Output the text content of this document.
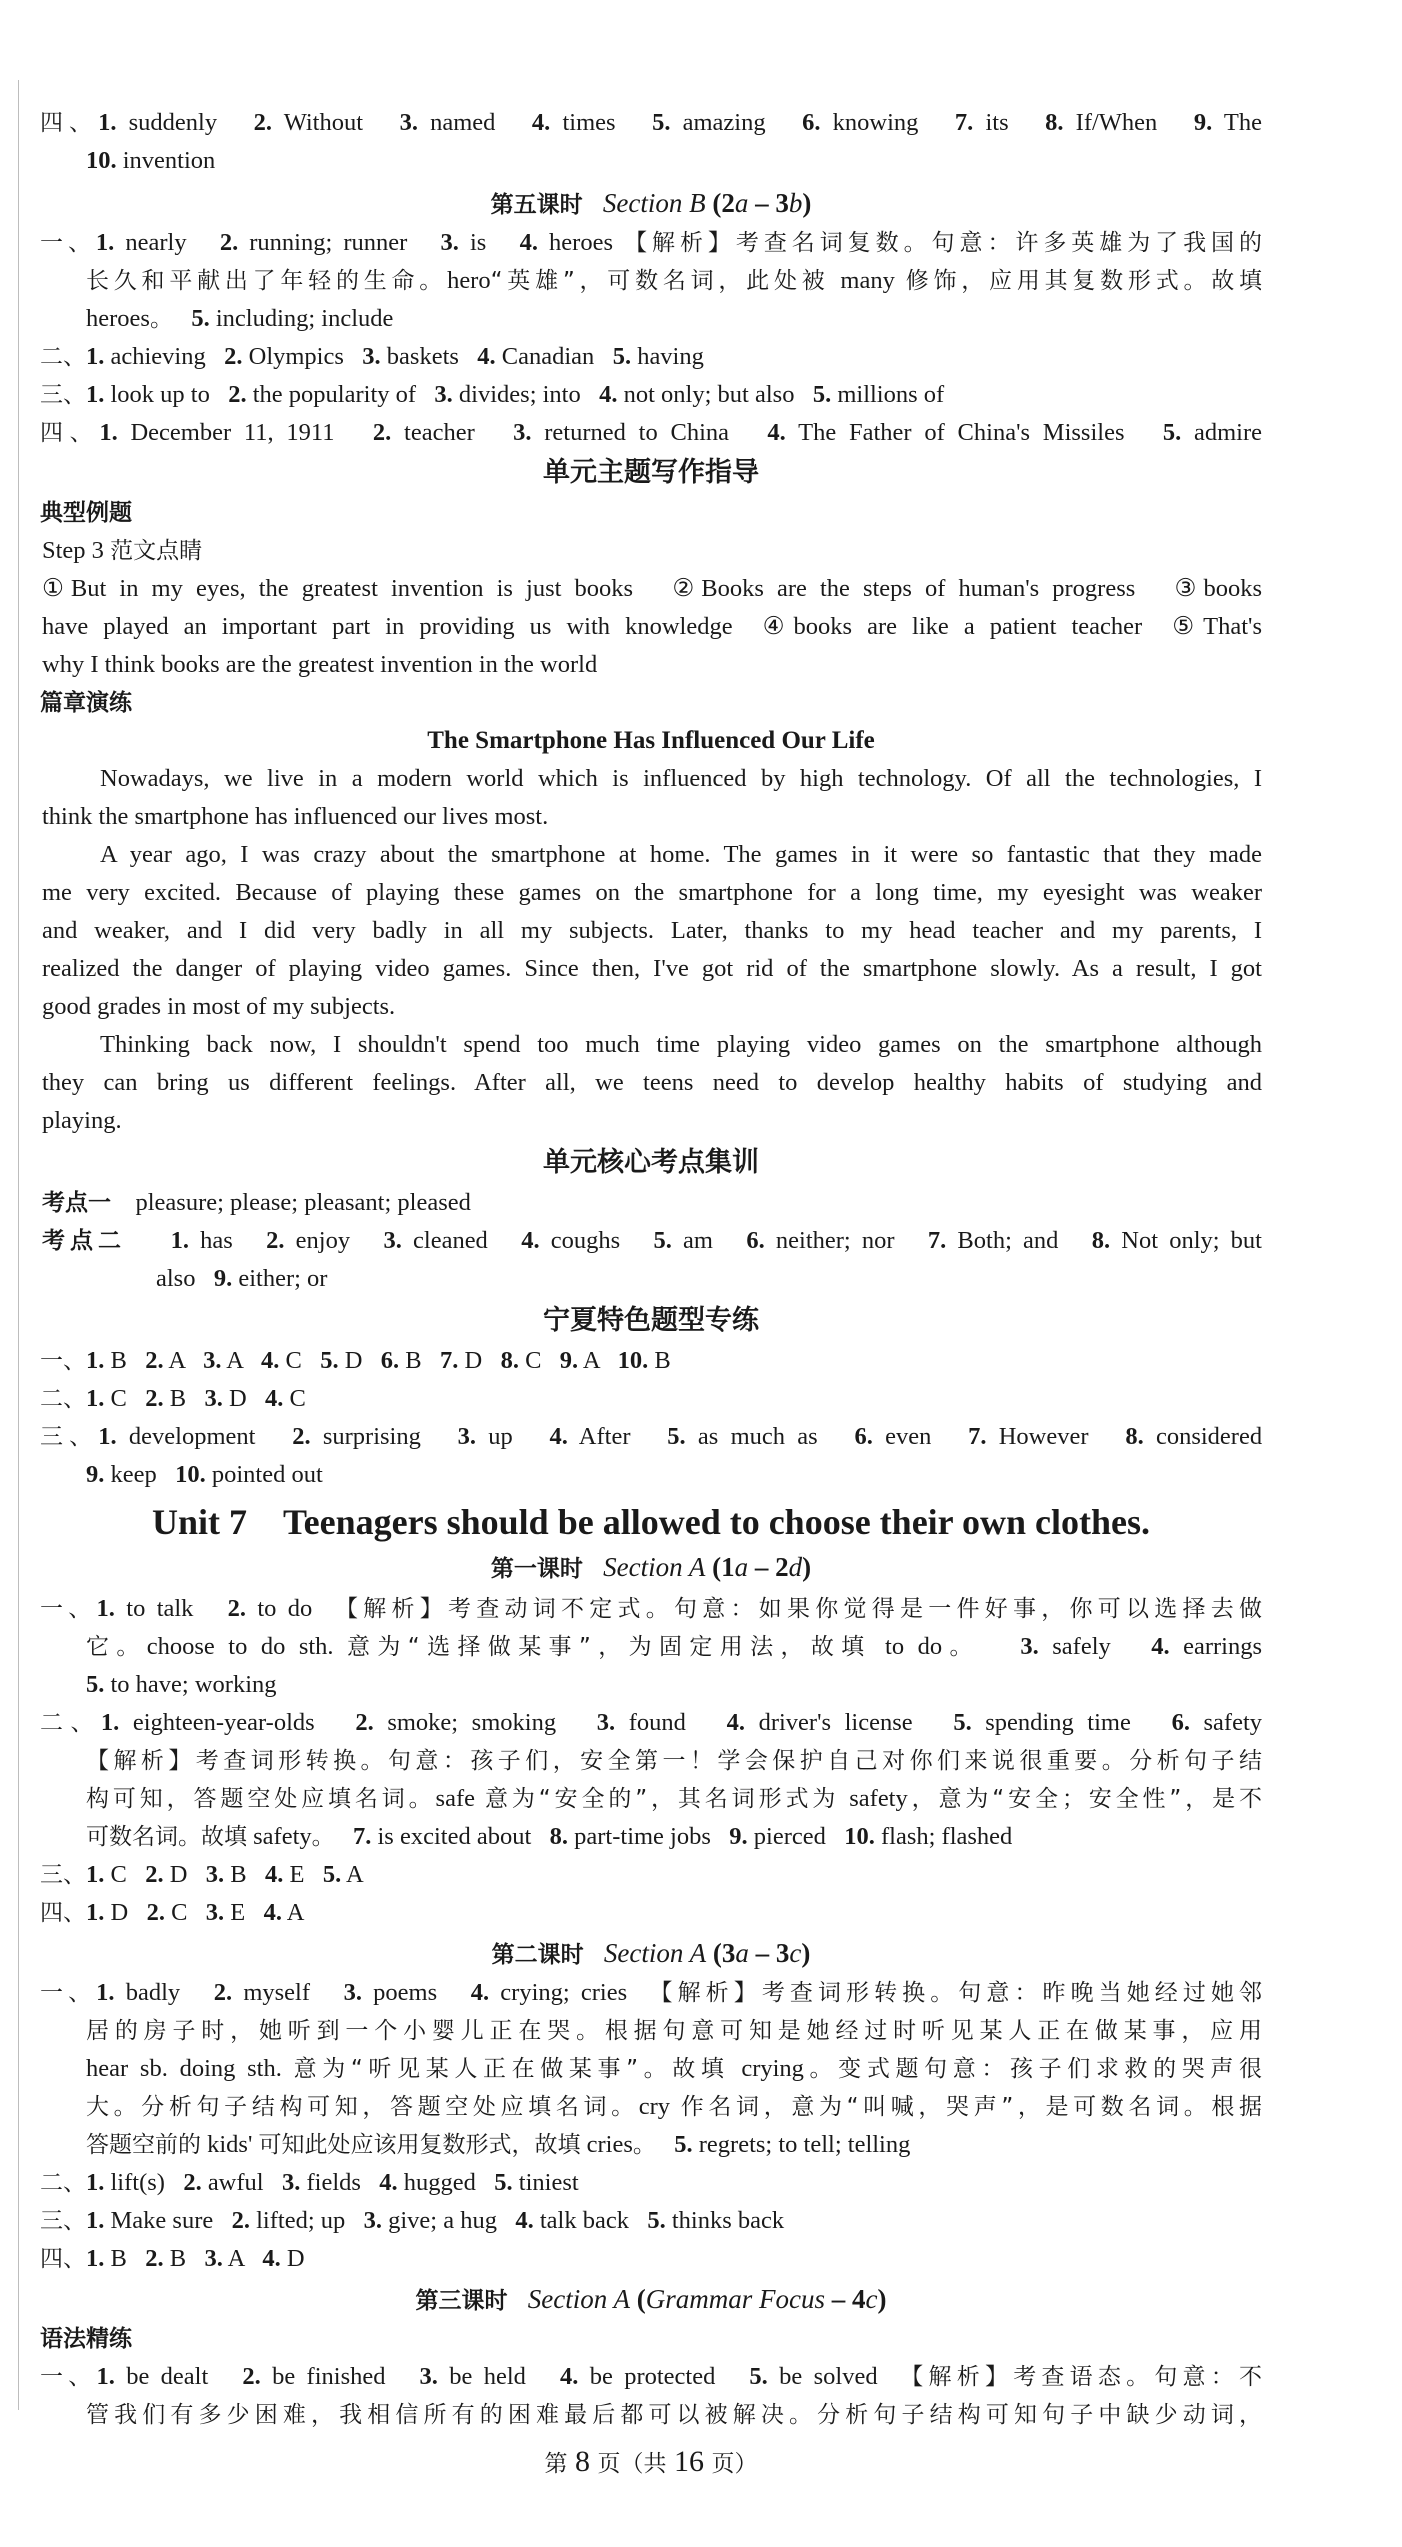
四、1. suddenly   2. Without   3. named   4. times   5. amazing   6. knowing   7. its   8. If/When   9. The
10. invention
第五课时 Section B (2a – 3b)
一、1. nearly   2. running; runner   3. is   4. heroes 【解析】考查名词复数。句意：许多英雄为了我国的
长久和平献出了年轻的生命。hero“英雄”，可数名词，此处被 many 修饰，应用其复数形式。故填
heroes。 5. including; include
二、1. achieving   2. Olympics   3. baskets   4. Canadian   5. having
三、1. look up to   2. the popularity of   3. divides; into   4. not only; but also   5. millions of
四、1. December 11, 1911   2. teacher   3. returned to China   4. The Father of China's Missiles   5. admire
单元主题写作指导
典型例题
Step 3 范文点睛
①But in my eyes, the greatest invention is just books   ②Books are the steps of human's progress   ③books
have played an important part in providing us with knowledge  ④books are like a patient teacher  ⑤That's
why I think books are the greatest invention in the world
篇章演练
The Smartphone Has Influenced Our Life
Nowadays, we live in a modern world which is influenced by high technology. Of all the technologies, I
think the smartphone has influenced our lives most.
A year ago, I was crazy about the smartphone at home. The games in it were so fantastic that they made
me very excited. Because of playing these games on the smartphone for a long time, my eyesight was weaker
and weaker, and I did very badly in all my subjects. Later, thanks to my head teacher and my parents, I
realized the danger of playing video games. Since then, I've got rid of the smartphone slowly. As a result, I got
good grades in most of my subjects.
Thinking back now, I shouldn't spend too much time playing video games on the smartphone although
they can bring us different feelings. After all, we teens need to develop healthy habits of studying and
playing.
单元核心考点集训
考点一    pleasure; please; pleasant; pleased
考点二 1. has   2. enjoy   3. cleaned   4. coughs   5. am   6. neither; nor   7. Both; and   8. Not only; but
also   9. either; or
宁夏特色题型专练
一、1. B   2. A   3. A   4. C   5. D   6. B   7. D   8. C   9. A   10. B
二、1. C   2. B   3. D   4. C
三、1. development   2. surprising   3. up   4. After   5. as much as   6. even   7. However   8. considered
9. keep   10. pointed out
Unit 7    Teenagers should be allowed to choose their own clothes.
第一课时 Section A (1a – 2d)
一、1. to talk   2. to do  【解析】考查动词不定式。句意：如果你觉得是一件好事，你可以选择去做
它。choose to do sth. 意为“选择做某事”，为固定用法，故填 to do。 3. safely   4. earrings
5. to have; working
二、1. eighteen-year-olds   2. smoke; smoking   3. found   4. driver's license   5. spending time   6. safety
【解析】考查词形转换。句意：孩子们，安全第一！学会保护自己对你们来说很重要。分析句子结
构可知，答题空处应填名词。safe 意为“安全的”，其名词形式为 safety，意为“安全；安全性”，是不
可数名词。故填 safety。 7. is excited about   8. part-time jobs   9. pierced   10. flash; flashed
三、1. C   2. D   3. B   4. E   5. A
四、1. D   2. C   3. E   4. A
第二课时 Section A (3a – 3c)
一、1. badly   2. myself   3. poems   4. crying; cries  【解析】考查词形转换。句意：昨晚当她经过她邻
居的房子时，她听到一个小婴儿正在哭。根据句意可知是她经过时听见某人正在做某事，应用
hear sb. doing sth. 意为“听见某人正在做某事”。故填 crying。变式题句意：孩子们求救的哭声很
大。分析句子结构可知，答题空处应填名词。cry 作名词，意为“叫喊，哭声”，是可数名词。根据
答题空前的 kids' 可知此处应该用复数形式，故填 cries。 5. regrets; to tell; telling
二、1. lift(s)   2. awful   3. fields   4. hugged   5. tiniest
三、1. Make sure   2. lifted; up   3. give; a hug   4. talk back   5. thinks back
四、1. B   2. B   3. A   4. D
第三课时 Section A (Grammar Focus – 4c)
语法精练
一、1. be dealt   2. be finished   3. be held   4. be protected   5. be solved  【解析】考查语态。句意：不
管我们有多少困难，我相信所有的困难最后都可以被解决。分析句子结构可知句子中缺少动词，
第 8 页（共 16 页）
